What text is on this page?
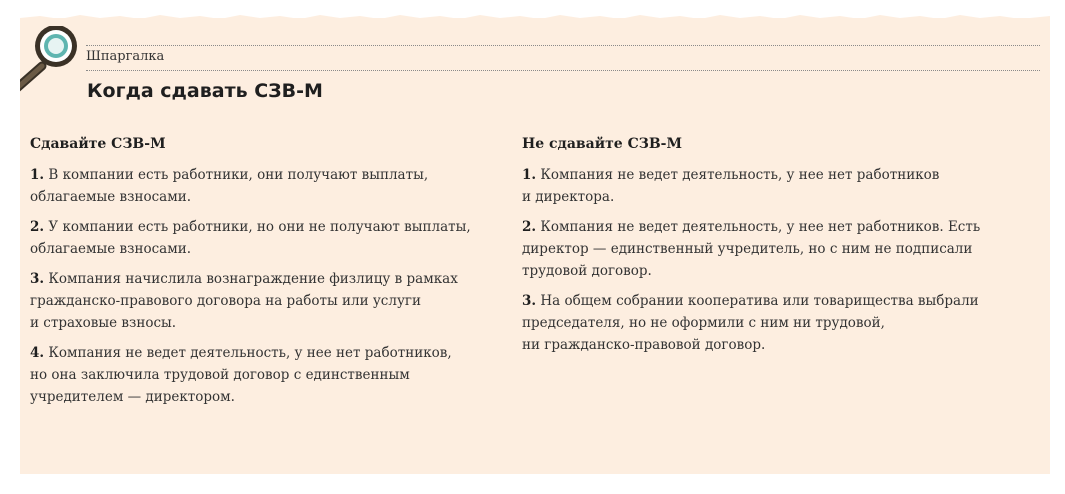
Шпаргалка
Когда сдавать СЗВ-М
Сдавайте СЗВ-М
1. В компании есть работники, они получают выплаты,
облагаемые взносами.
2. У компании есть работники, но они не получают выплаты,
облагаемые взносами.
3. Компания начислила вознаграждение физлицу в рамках
гражданско-правового договора на работы или услуги
и страховые взносы.
4. Компания не ведет деятельность, у нее нет работников,
но она заключила трудовой договор с единственным
учредителем — директором.
Не сдавайте СЗВ-М
1. Компания не ведет деятельность, у нее нет работников
и директора.
2. Компания не ведет деятельность, у нее нет работников. Есть
директор — единственный учредитель, но с ним не подписали
трудовой договор.
3. На общем собрании кооператива или товарищества выбрали
председателя, но не оформили с ним ни трудовой,
ни гражданско-правовой договор.
